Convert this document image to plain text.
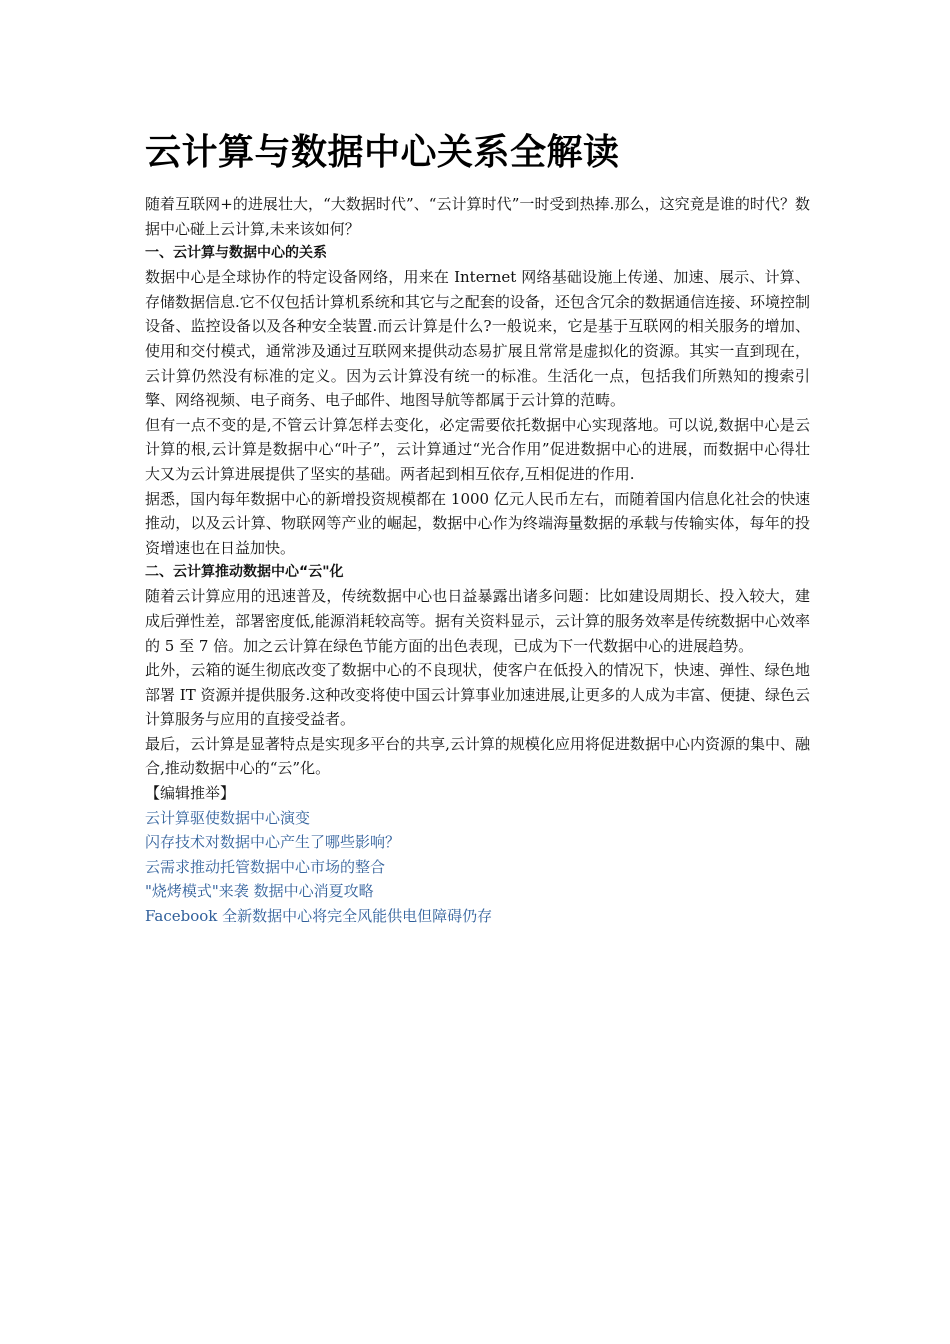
云计算与数据中心关系全解读

随着互联网+的进展壮大，“大数据时代”、“云计算时代”一时受到热捧.那么，这究竟是谁的时代？数据中心碰上云计算,未来该如何？

一、云计算与数据中心的关系

数据中心是全球协作的特定设备网络，用来在 Internet 网络基础设施上传递、加速、展示、计算、存储数据信息.它不仅包括计算机系统和其它与之配套的设备，还包含冗余的数据通信连接、环境控制设备、监控设备以及各种安全装置.而云计算是什么?一般说来，它是基于互联网的相关服务的增加、使用和交付模式，通常涉及通过互联网来提供动态易扩展且常常是虚拟化的资源。其实一直到现在，云计算仍然没有标准的定义。因为云计算没有统一的标准。生活化一点，包括我们所熟知的搜索引擎、网络视频、电子商务、电子邮件、地图导航等都属于云计算的范畴。

但有一点不变的是,不管云计算怎样去变化，必定需要依托数据中心实现落地。可以说,数据中心是云计算的根,云计算是数据中心“叶子”，云计算通过“光合作用”促进数据中心的进展，而数据中心得壮大又为云计算进展提供了坚实的基础。两者起到相互依存,互相促进的作用.

据悉，国内每年数据中心的新增投资规模都在 1000 亿元人民币左右，而随着国内信息化社会的快速推动，以及云计算、物联网等产业的崛起，数据中心作为终端海量数据的承载与传输实体，每年的投资增速也在日益加快。

二、云计算推动数据中心“云"化

随着云计算应用的迅速普及，传统数据中心也日益暴露出诸多问题：比如建设周期长、投入较大，建成后弹性差，部署密度低,能源消耗较高等。据有关资料显示，云计算的服务效率是传统数据中心效率的 5 至 7 倍。加之云计算在绿色节能方面的出色表现，已成为下一代数据中心的进展趋势。

此外，云箱的诞生彻底改变了数据中心的不良现状，使客户在低投入的情况下，快速、弹性、绿色地部署 IT 资源并提供服务.这种改变将使中国云计算事业加速进展,让更多的人成为丰富、便捷、绿色云计算服务与应用的直接受益者。

最后，云计算是显著特点是实现多平台的共享,云计算的规模化应用将促进数据中心内资源的集中、融合,推动数据中心的“云”化。

【编辑推举】

云计算驱使数据中心演变
闪存技术对数据中心产生了哪些影响？
云需求推动托管数据中心市场的整合
"烧烤模式"来袭 数据中心消夏攻略
Facebook 全新数据中心将完全风能供电但障碍仍存
